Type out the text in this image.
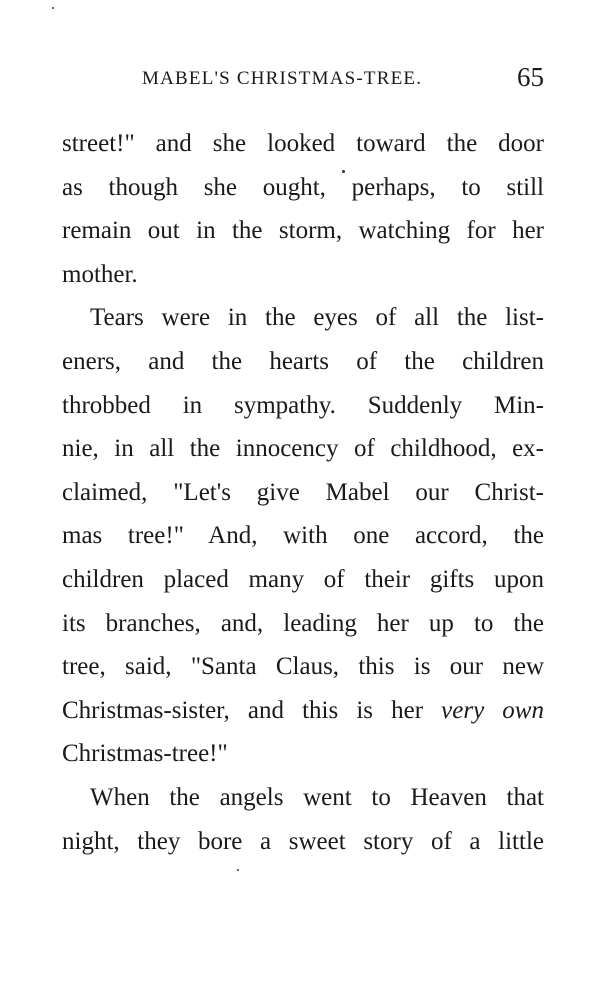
MABEL'S CHRISTMAS-TREE.	65
street!" and she looked toward the door
as though she ought, perhaps, to still
remain out in the storm, watching for her
mother.
Tears were in the eyes of all the list-
eners, and the hearts of the children
throbbed in sympathy. Suddenly Min-
nie, in all the innocency of childhood, ex-
claimed, "Let's give Mabel our Christ-
mas tree!" And, with one accord, the
children placed many of their gifts upon
its branches, and, leading her up to the
tree, said, "Santa Claus, this is our new
Christmas-sister, and this is her very own
Christmas-tree!"
When the angels went to Heaven that
night, they bore a sweet story of a little
